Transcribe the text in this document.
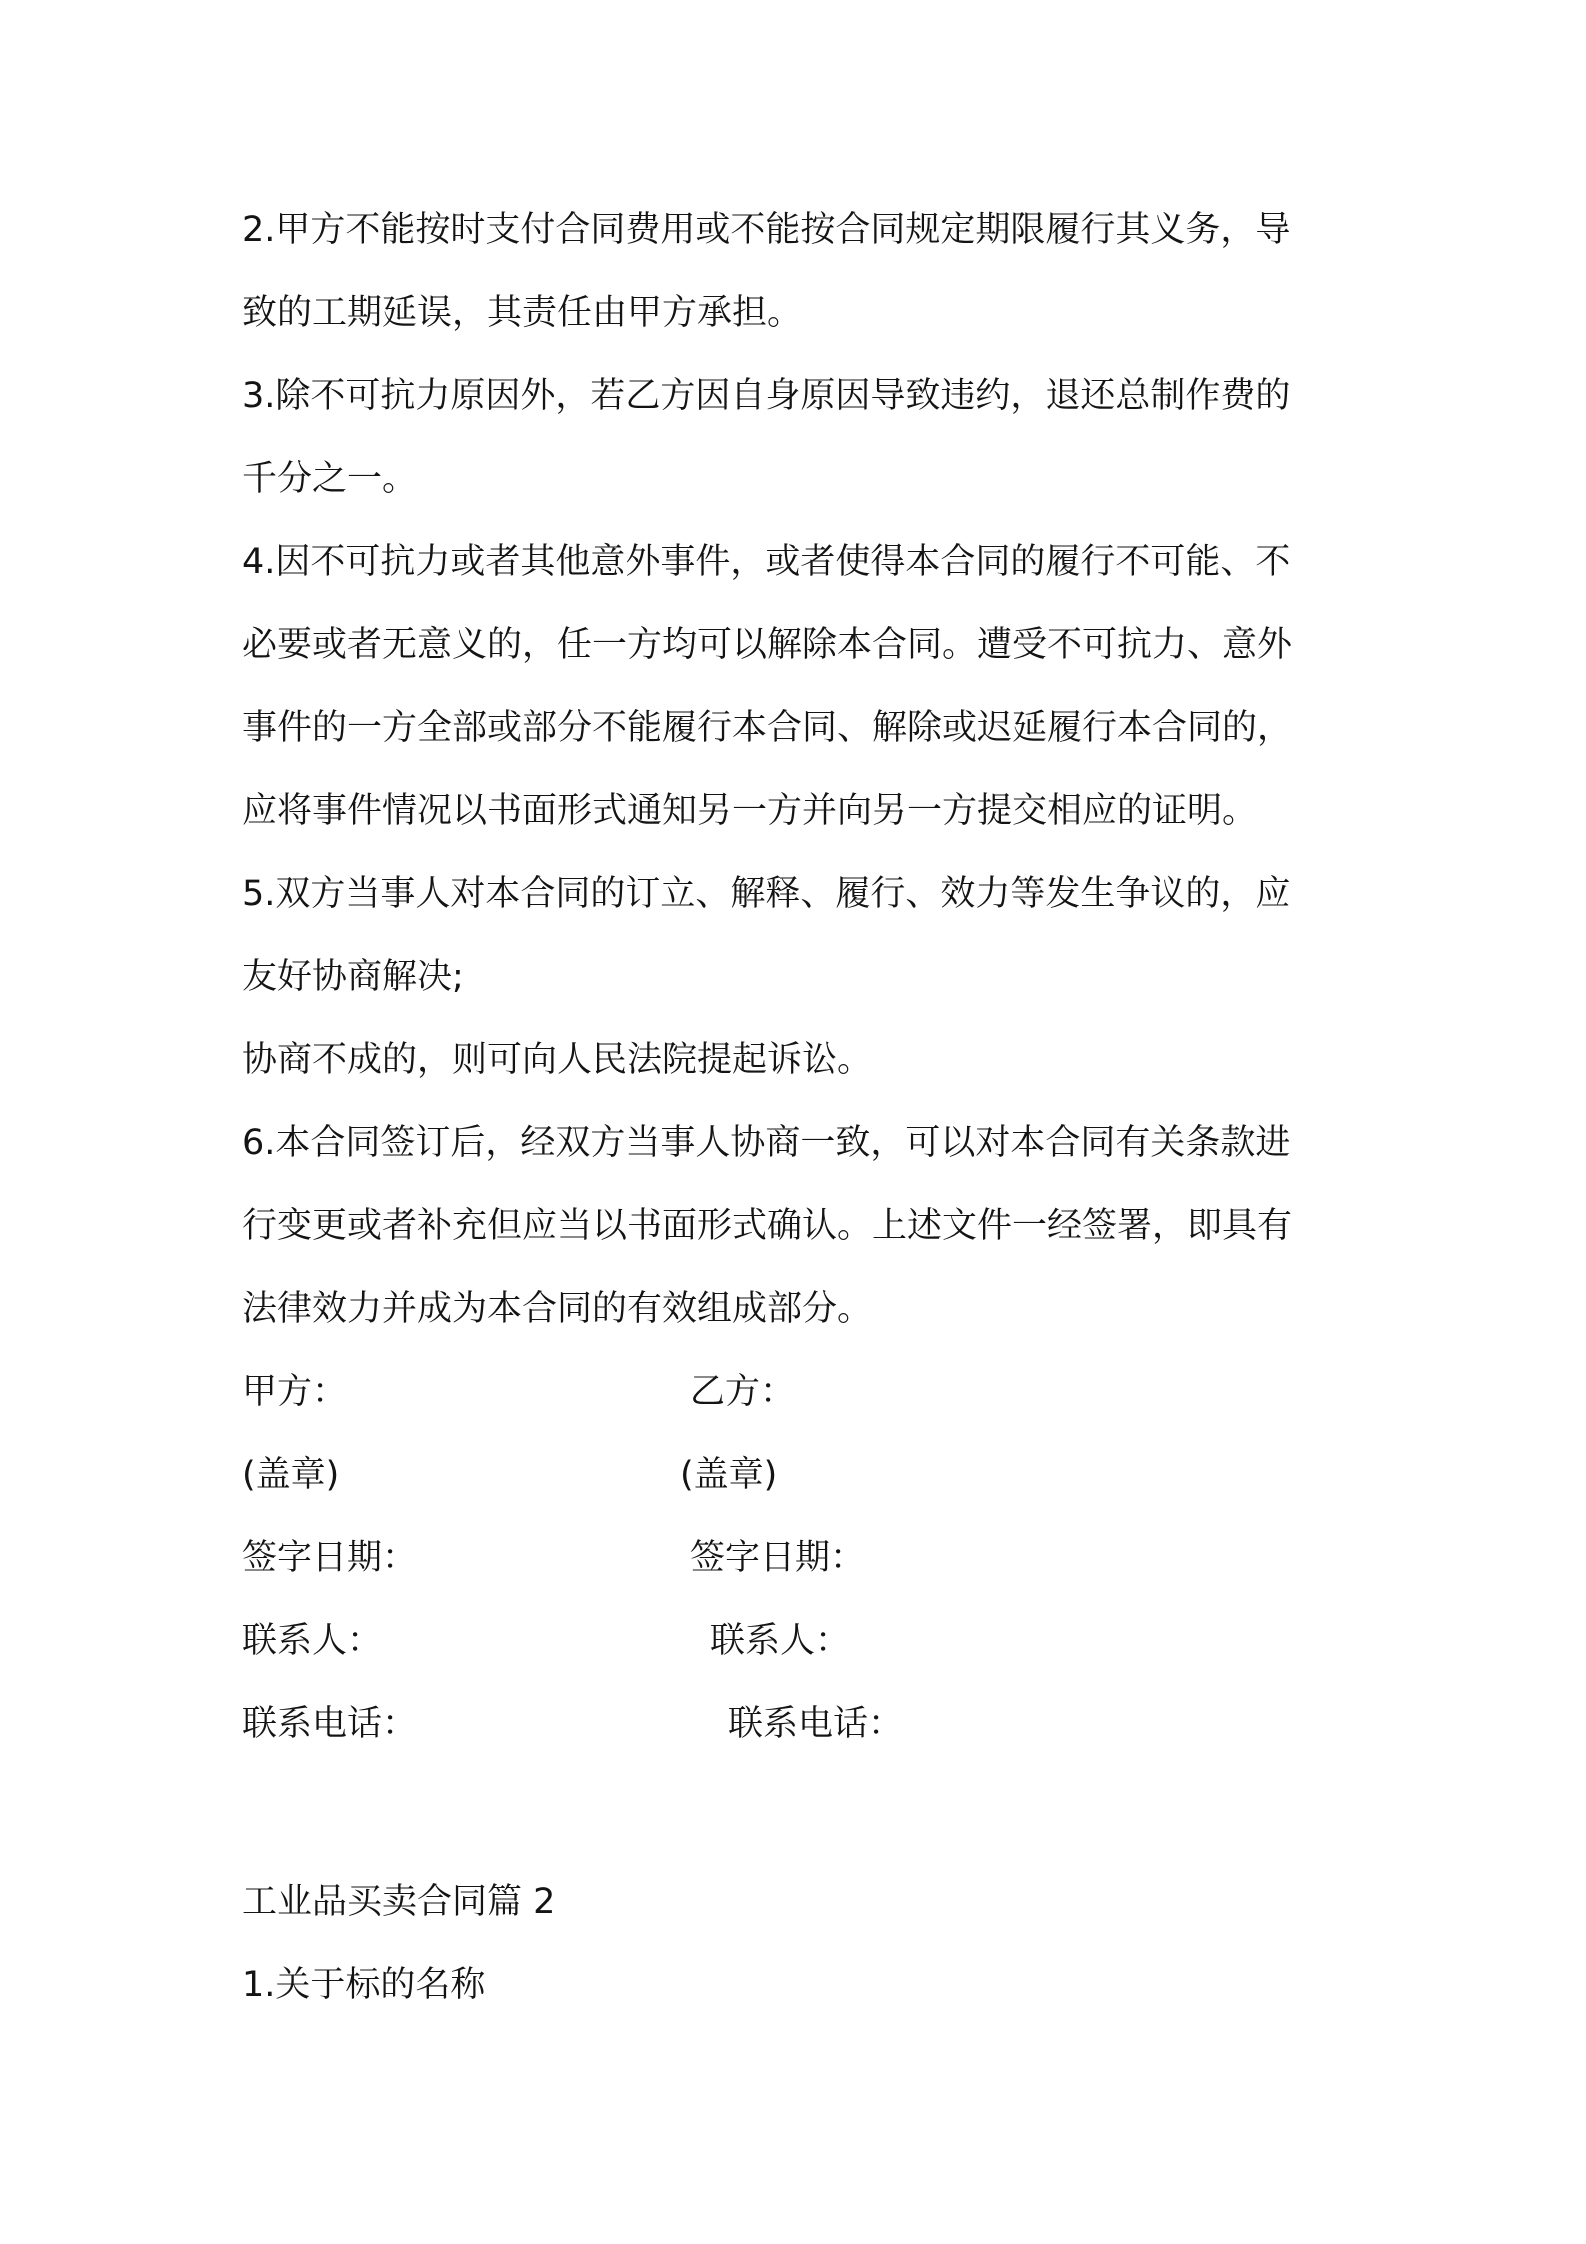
2.甲方不能按时支付合同费用或不能按合同规定期限履行其义务，导

致的工期延误，其责任由甲方承担。

3.除不可抗力原因外，若乙方因自身原因导致违约，退还总制作费的

千分之一。

4.因不可抗力或者其他意外事件，或者使得本合同的履行不可能、不

必要或者无意义的，任一方均可以解除本合同。遭受不可抗力、意外

事件的一方全部或部分不能履行本合同、解除或迟延履行本合同的，

应将事件情况以书面形式通知另一方并向另一方提交相应的证明。

5.双方当事人对本合同的订立、解释、履行、效力等发生争议的，应

友好协商解决;

协商不成的，则可向人民法院提起诉讼。

6.本合同签订后，经双方当事人协商一致，可以对本合同有关条款进

行变更或者补充但应当以书面形式确认。上述文件一经签署，即具有

法律效力并成为本合同的有效组成部分。

甲方：	乙方：
(盖章)	(盖章)
签字日期：	签字日期：
联系人：	联系人：
联系电话：	联系电话：

工业品买卖合同篇 2

1.关于标的名称
